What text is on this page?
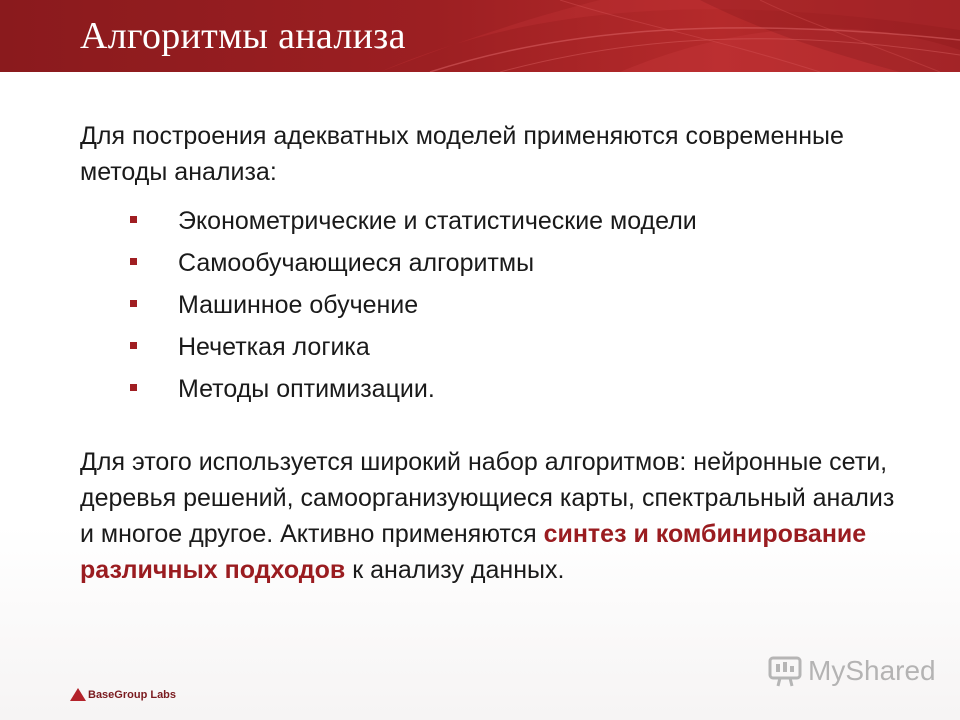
Алгоритмы анализа

Для построения адекватных моделей применяются современные методы анализа:

Эконометрические и статистические модели
Самообучающиеся алгоритмы
Машинное обучение
Нечеткая логика
Методы оптимизации.

Для этого используется широкий набор алгоритмов: нейронные сети, деревья решений, самоорганизующиеся карты, спектральный анализ и многое другое. Активно применяются синтез и комбинирование различных подходов к анализу данных.

BaseGroup Labs
MyShared
